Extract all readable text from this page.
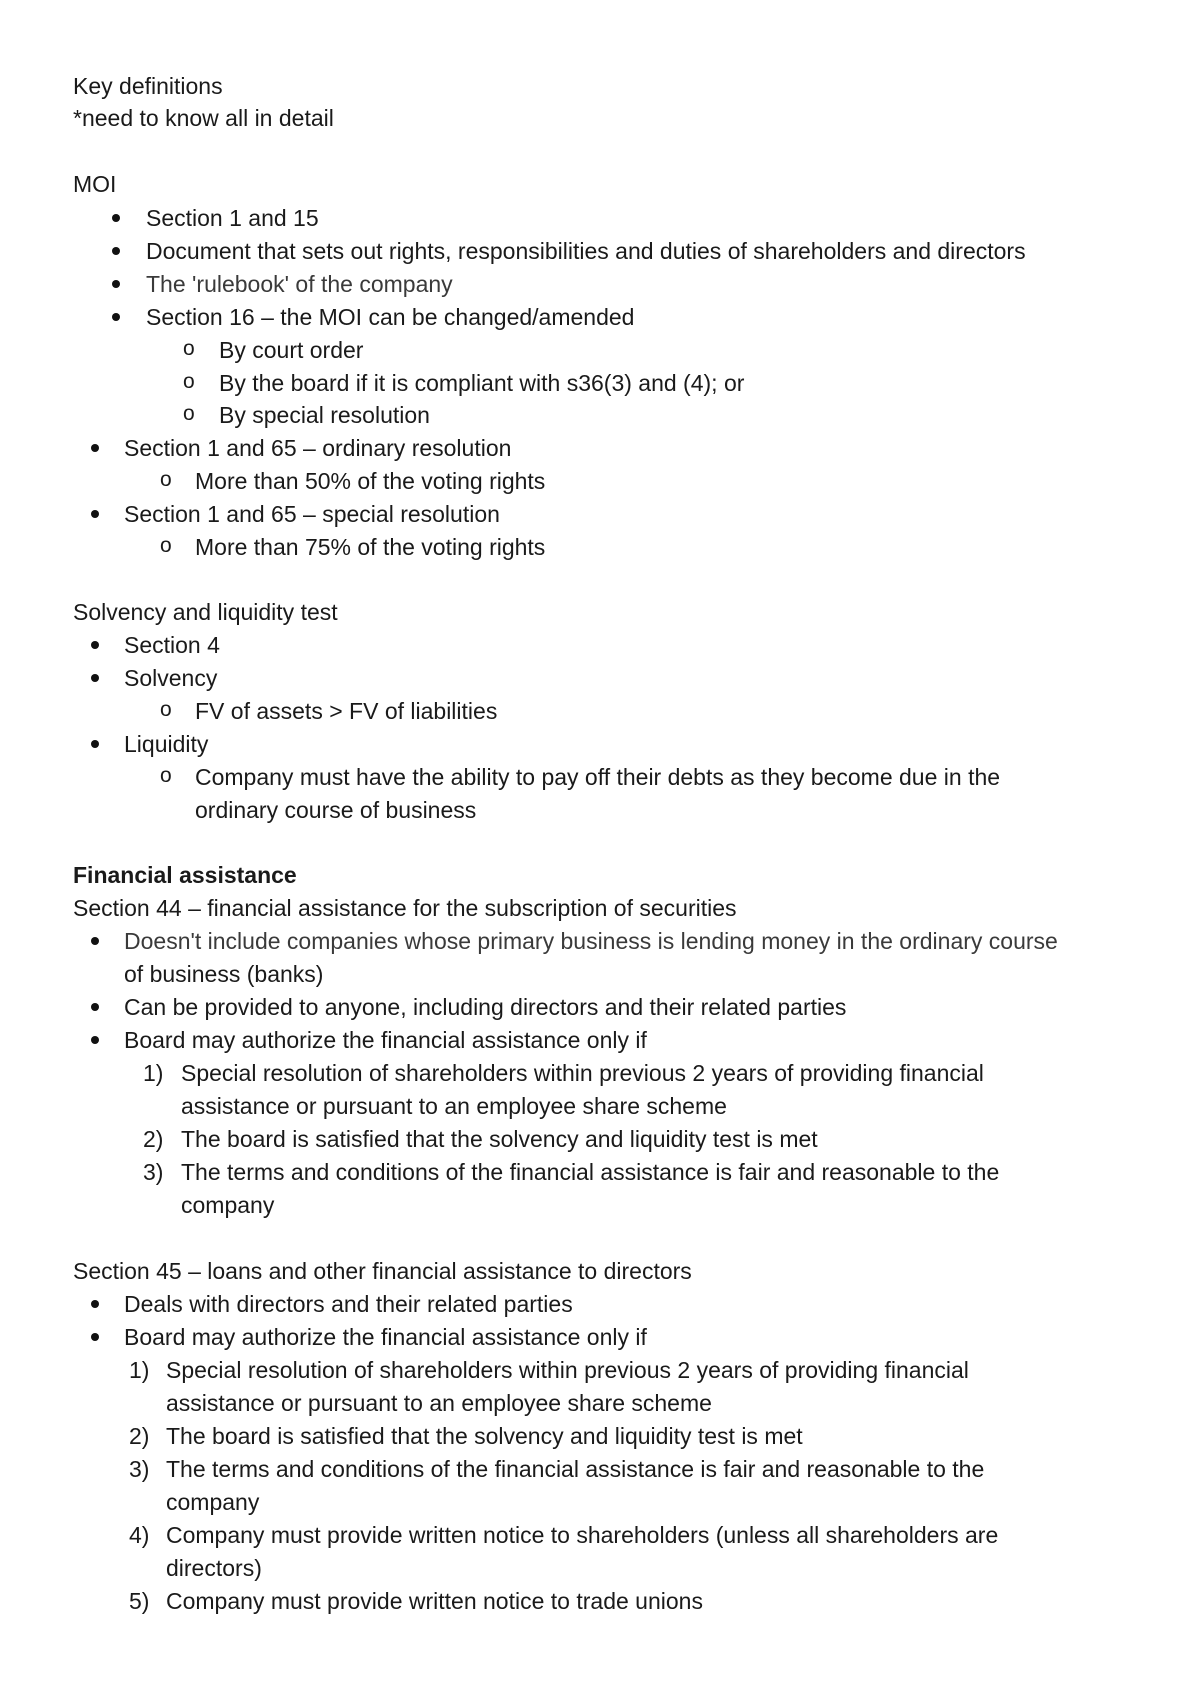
Key definitions
*need to know all in detail
MOI
Section 1 and 15
Document that sets out rights, responsibilities and duties of shareholders and directors
The 'rulebook' of the company
Section 16 – the MOI can be changed/amended
o By court order
o By the board if it is compliant with s36(3) and (4); or
o By special resolution
Section 1 and 65 – ordinary resolution
o More than 50% of the voting rights
Section 1 and 65 – special resolution
o More than 75% of the voting rights
Solvency and liquidity test
Section 4
Solvency
o FV of assets > FV of liabilities
Liquidity
o Company must have the ability to pay off their debts as they become due in the
ordinary course of business
Financial assistance
Section 44 – financial assistance for the subscription of securities
Doesn't include companies whose primary business is lending money in the ordinary course
of business (banks)
Can be provided to anyone, including directors and their related parties
Board may authorize the financial assistance only if
1) Special resolution of shareholders within previous 2 years of providing financial
assistance or pursuant to an employee share scheme
2) The board is satisfied that the solvency and liquidity test is met
3) The terms and conditions of the financial assistance is fair and reasonable to the
company
Section 45 – loans and other financial assistance to directors
Deals with directors and their related parties
Board may authorize the financial assistance only if
1) Special resolution of shareholders within previous 2 years of providing financial
assistance or pursuant to an employee share scheme
2) The board is satisfied that the solvency and liquidity test is met
3) The terms and conditions of the financial assistance is fair and reasonable to the
company
4) Company must provide written notice to shareholders (unless all shareholders are
directors)
5) Company must provide written notice to trade unions
